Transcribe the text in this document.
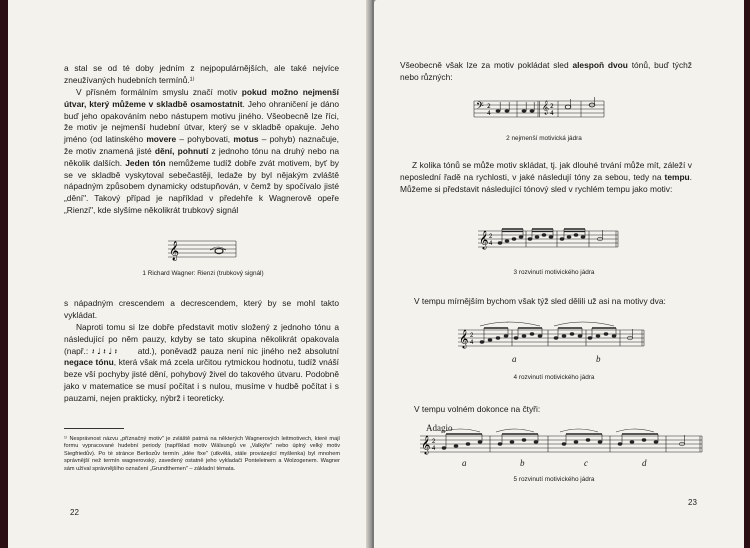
a stal se od té doby jedním z nejpopulárnějších, ale také nejvíce zneužívaných hudebních termínů.¹⁾
V přísném formálním smyslu značí motiv pokud možno nejmenší útvar, který můžeme v skladbě osamostatnit. Jeho ohraničení je dáno buď jeho opakováním nebo nástupem motivu jiného. Všeobecně lze říci, že motiv je nejmenší hudební útvar, který se v skladbě opakuje. Jeho jméno (od latinského movere – pohybovati, motus – pohyb) naznačuje, že motiv znamená jisté dění, pohnutí z jednoho tónu na druhý nebo na několik dalších. Jeden tón nemůžeme tudíž dobře zvát motivem, byť by se ve skladbě vyskytoval sebečastěji, ledaže by byl nějakým zvláště nápadným způsobem dynamicky odstupňován, v čemž by spočívalo jisté „dění". Takový případ je například v předehře k Wagnerově opeře „Rienzi", kde slyšíme několikrát trubkový signál
𝄞
1 Richard Wagner: Rienzi (trubkový signál)
s nápadným crescendem a decrescendem, který by se mohl takto vykládat.
Naproti tomu si lze dobře představit motiv složený z jednoho tónu a následující po něm pauzy, kdyby se tato skupina několikrát opakovala (např.: 𝄽 ♩ 𝄽 ♩ 𝄽 atd.), poněvadž pauza není nic jiného než absolutní negace tónu, která však má zcela určitou rytmickou hodnotu, tudíž vnáší beze vší pochyby jisté dění, pohybový živel do takového útvaru. Podobně jako v matematice se musí počítat i s nulou, musíme v hudbě počítat i s pauzami, nejen prakticky, nýbrž i teoreticky.
¹⁾ Nesprávnost názvu „příznačný motiv" je zvláště patrná na některých Wagnerových leitmotivech, které mají formu vypracované hudební periody (například motiv Wälsungů ve „Valkýře" nebo úplný velký motiv Siegfriedův). Po té stránce Berliozův termín „idée fixe" (utkvělá, stále provázející myšlenka) byl mnohem správnější než termín wagnerovský, zavedený ostatně jeho vykladači Ponteleinem a Wolzogenem. Wagner sám užíval správnějšího označení „Grundthemen" – základní témata.
22
Všeobecně však lze za motiv pokládat sled alespoň dvou tónů, buď týchž nebo různých:
𝄢 2
4	𝄞 2
4
2 nejmenší motivická jádra
Z kolika tónů se může motiv skládat, tj. jak dlouhé trvání může mít, záleží v neposlední řadě na rychlosti, v jaké následují tóny za sebou, tedy na tempu. Můžeme si představit následující tónový sled v rychlém tempu jako motiv:
𝄞 2
4
3 rozvinutí motivického jádra
V tempu mírnějším bychom však týž sled dělili už asi na motivy dva:
𝄞 2
4
a	b
4 rozvinutí motivického jádra
V tempu volném dokonce na čtyři:
Adagio
𝄞 2
4
a	b	c	d
5 rozvinutí motivického jádra
23
